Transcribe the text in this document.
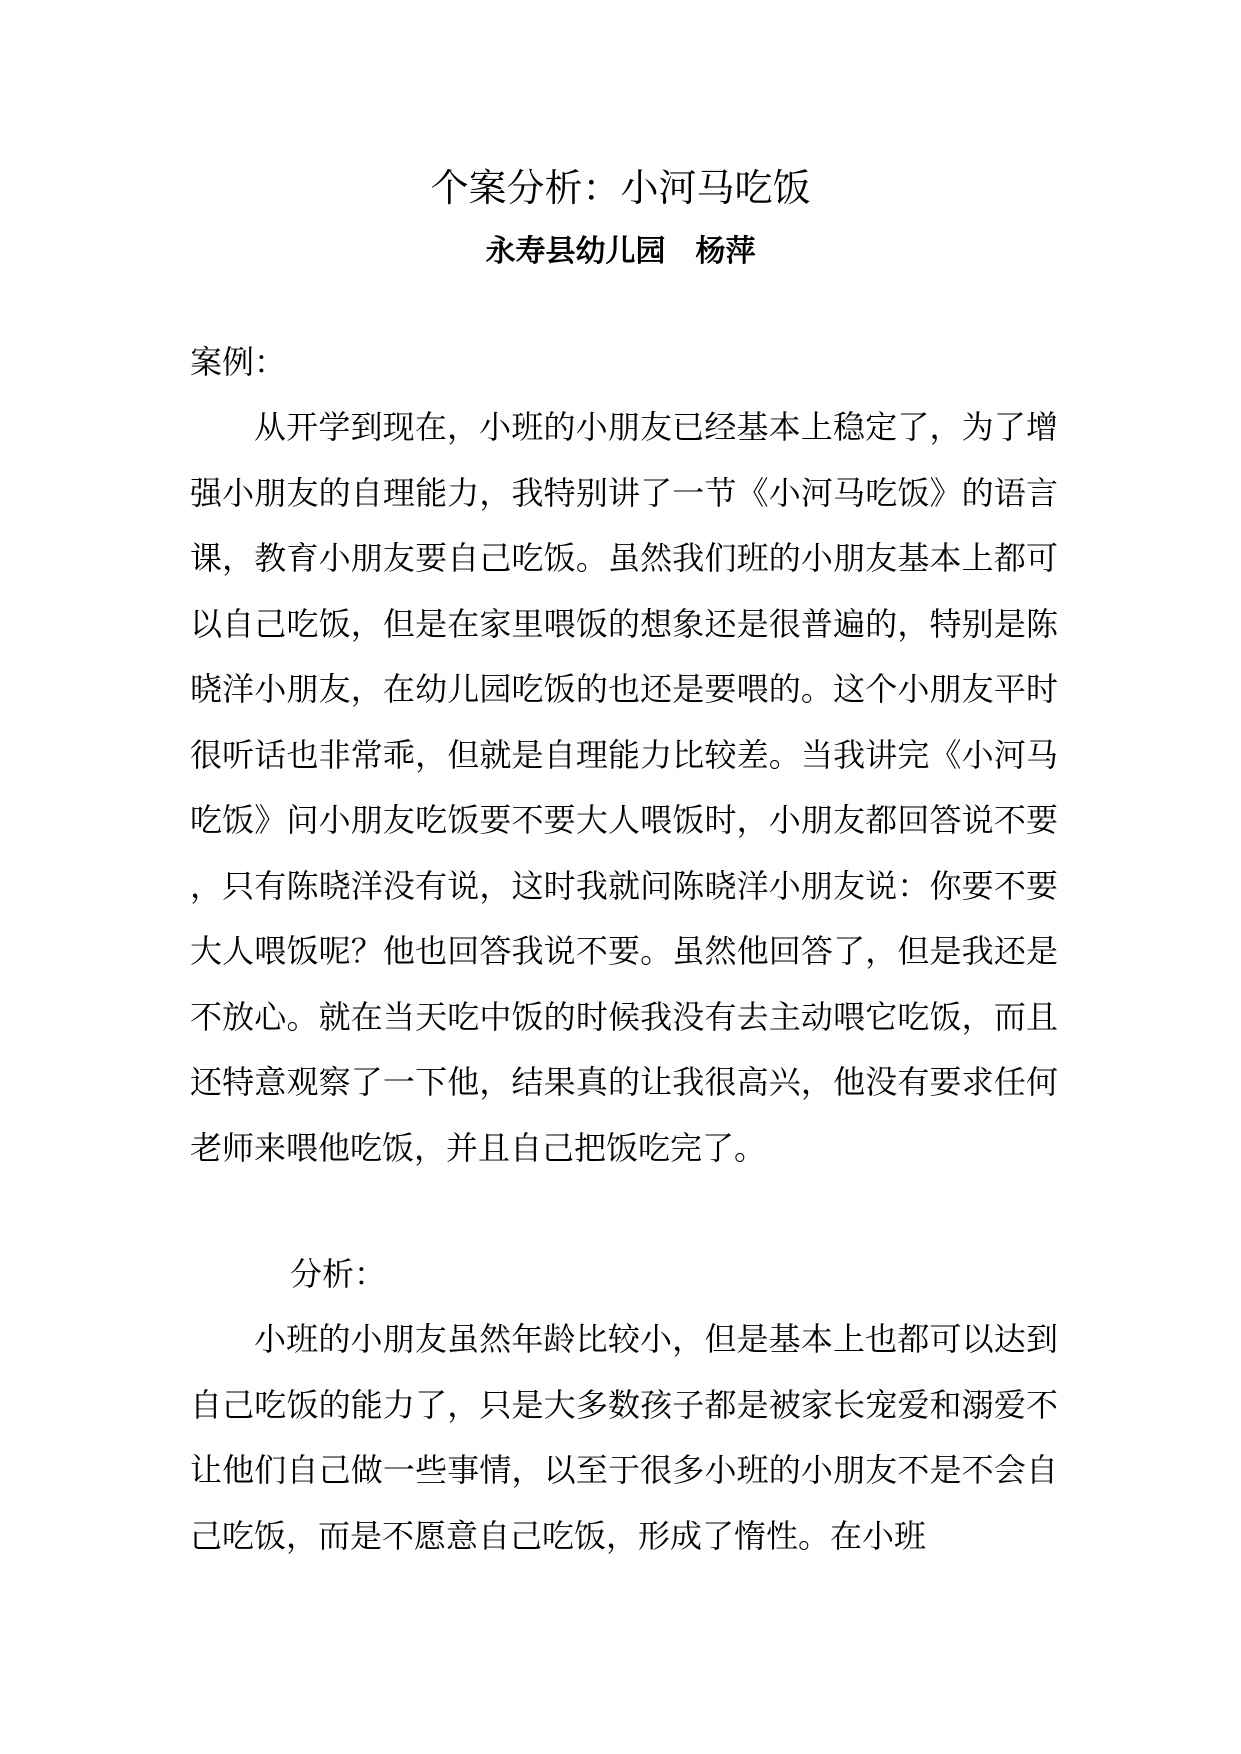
个案分析：小河马吃饭
永寿县幼儿园　杨萍
案例：

从开学到现在，小班的小朋友已经基本上稳定了，为了增强小朋友的自理能力，我特别讲了一节《小河马吃饭》的语言课，教育小朋友要自己吃饭。虽然我们班的小朋友基本上都可以自己吃饭，但是在家里喂饭的想象还是很普遍的，特别是陈晓洋小朋友，在幼儿园吃饭的也还是要喂的。这个小朋友平时很听话也非常乖，但就是自理能力比较差。当我讲完《小河马吃饭》问小朋友吃饭要不要大人喂饭时，小朋友都回答说不要，只有陈晓洋没有说，这时我就问陈晓洋小朋友说：你要不要大人喂饭呢？他也回答我说不要。虽然他回答了，但是我还是不放心。就在当天吃中饭的时候我没有去主动喂它吃饭，而且还特意观察了一下他，结果真的让我很高兴，他没有要求任何老师来喂他吃饭，并且自己把饭吃完了。

分析：

小班的小朋友虽然年龄比较小，但是基本上也都可以达到自己吃饭的能力了，只是大多数孩子都是被家长宠爱和溺爱不让他们自己做一些事情，以至于很多小班的小朋友不是不会自己吃饭，而是不愿意自己吃饭，形成了惰性。在小班
